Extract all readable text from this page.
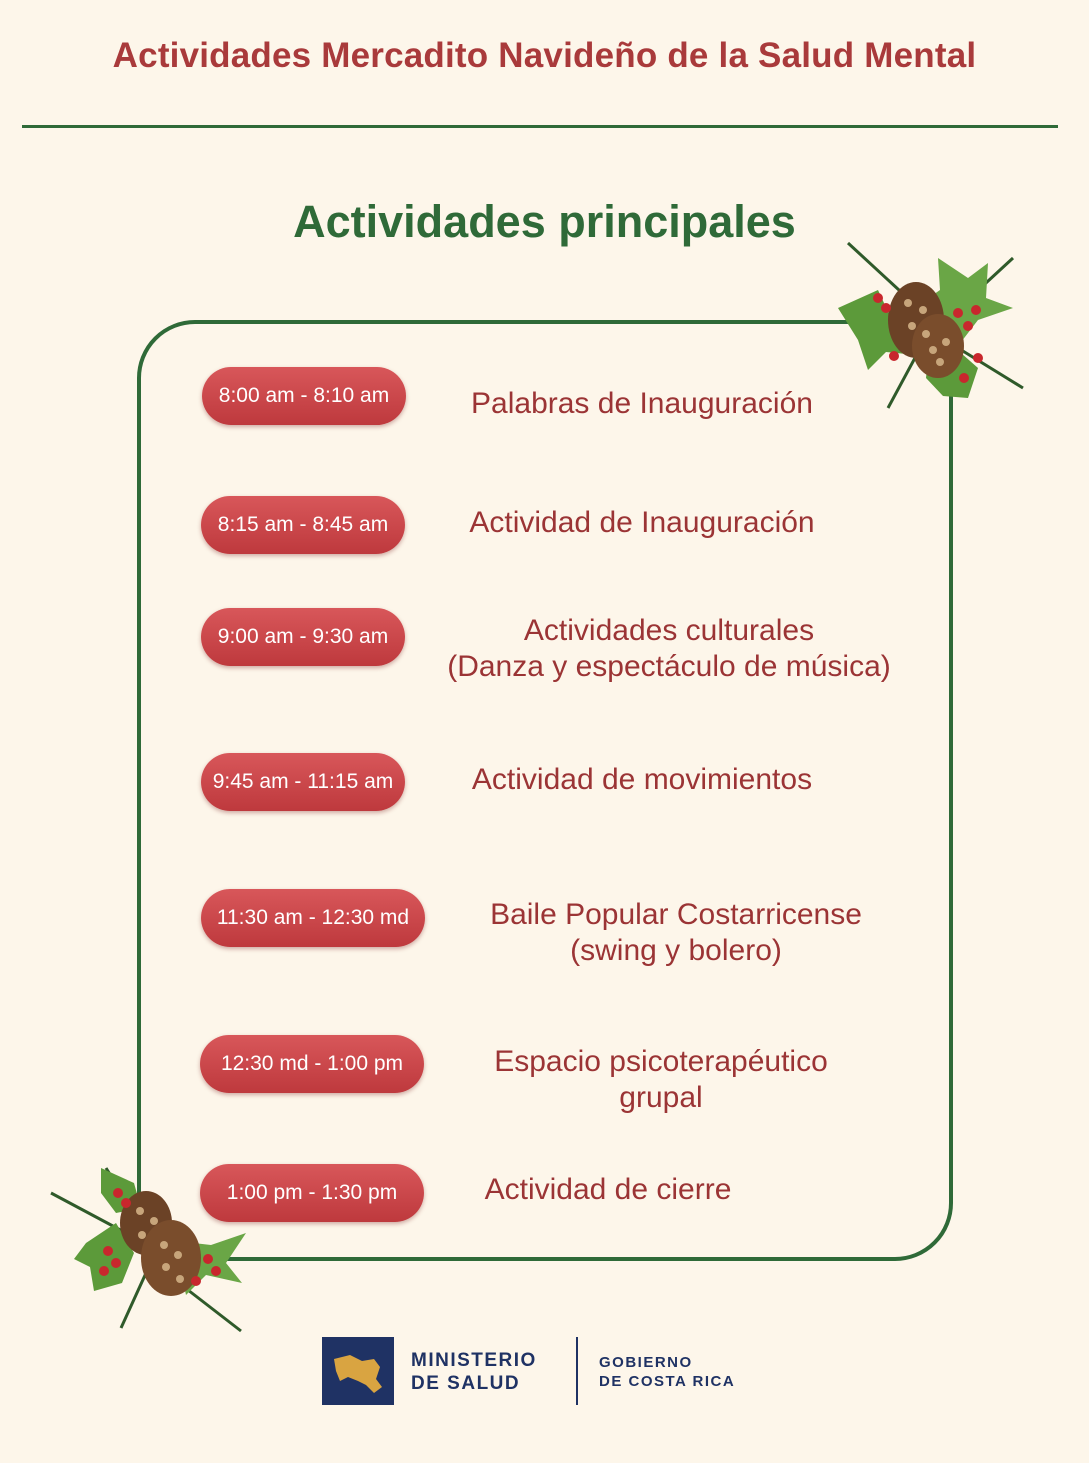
Actividades Mercadito Navideño de la Salud Mental
Actividades principales
8:00 am - 8:10 am	Palabras de Inauguración
8:15 am - 8:45 am	Actividad de Inauguración
9:00 am - 9:30 am	Actividades culturales
(Danza y espectáculo de música)
9:45 am - 11:15 am	Actividad de movimientos
11:30 am - 12:30 md	Baile Popular Costarricense
(swing y bolero)
12:30 md - 1:00 pm	Espacio psicoterapéutico
grupal
1:00 pm - 1:30 pm	Actividad de cierre
MINISTERIO
DE SALUD
GOBIERNO
DE COSTA RICA
